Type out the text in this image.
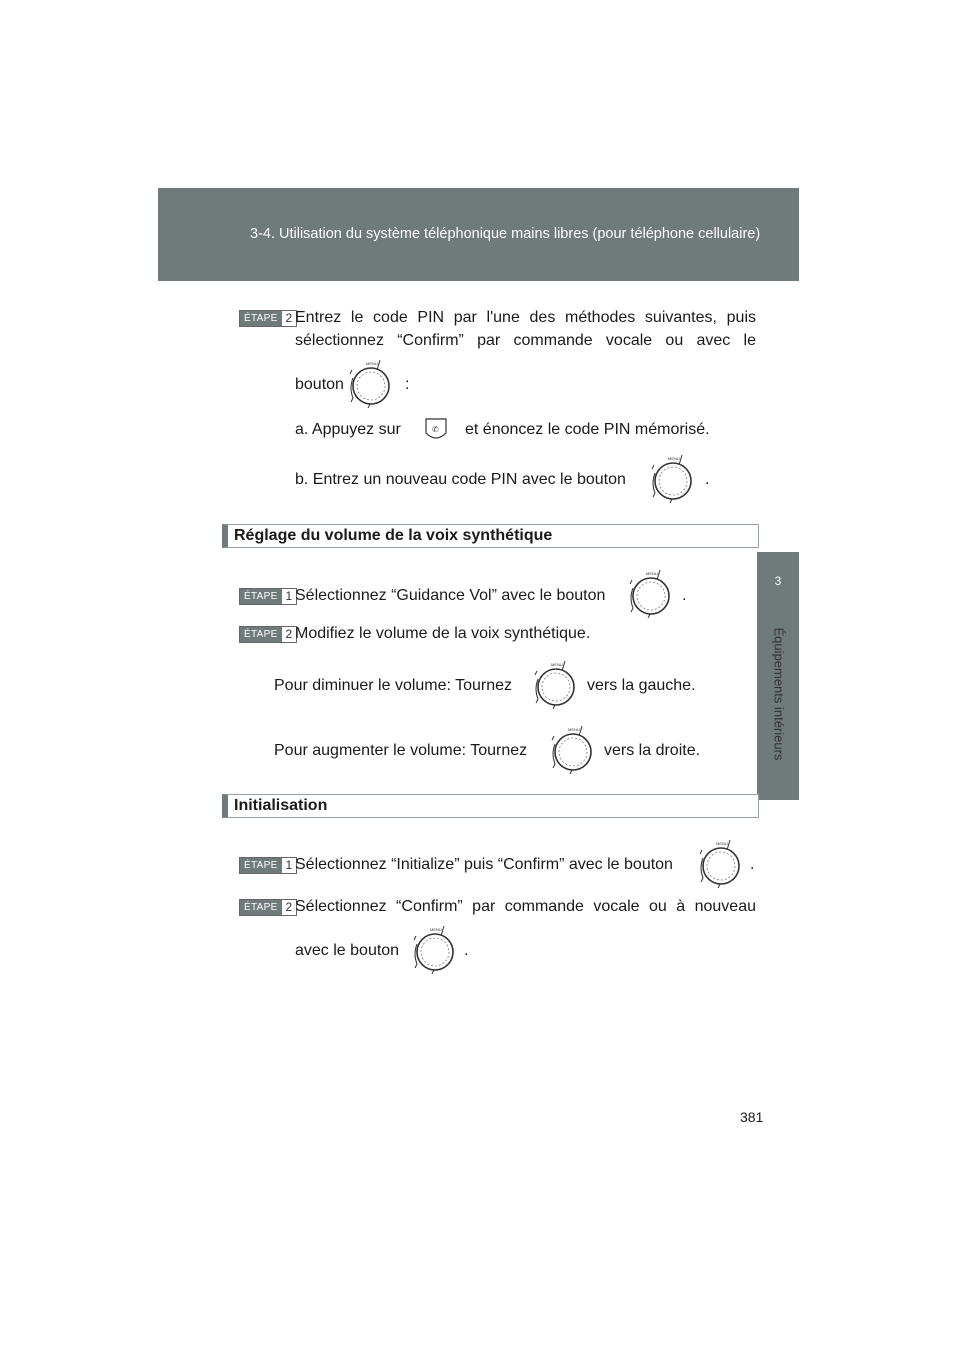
3-4. Utilisation du système téléphonique mains libres (pour téléphone cellulaire)
3
Équipements intérieurs
ÉTAPE 2 Entrez le code PIN par l'une des méthodes suivantes, puis
sélectionnez “Confirm” par commande vocale ou avec le
bouton	:
a. Appuyez sur	✆ et énoncez le code PIN mémorisé.
b. Entrez un nouveau code PIN avec le bouton	.
Réglage du volume de la voix synthétique
ÉTAPE 1 Sélectionnez “Guidance Vol” avec le bouton	.
ÉTAPE 2 Modifiez le volume de la voix synthétique.
Pour diminuer le volume: Tournez	vers la gauche.
Pour augmenter le volume: Tournez	vers la droite.
Initialisation
ÉTAPE 1 Sélectionnez “Initialize” puis “Confirm” avec le bouton	.
ÉTAPE 2 Sélectionnez “Confirm” par commande vocale ou à nouveau
avec le bouton	.
381
